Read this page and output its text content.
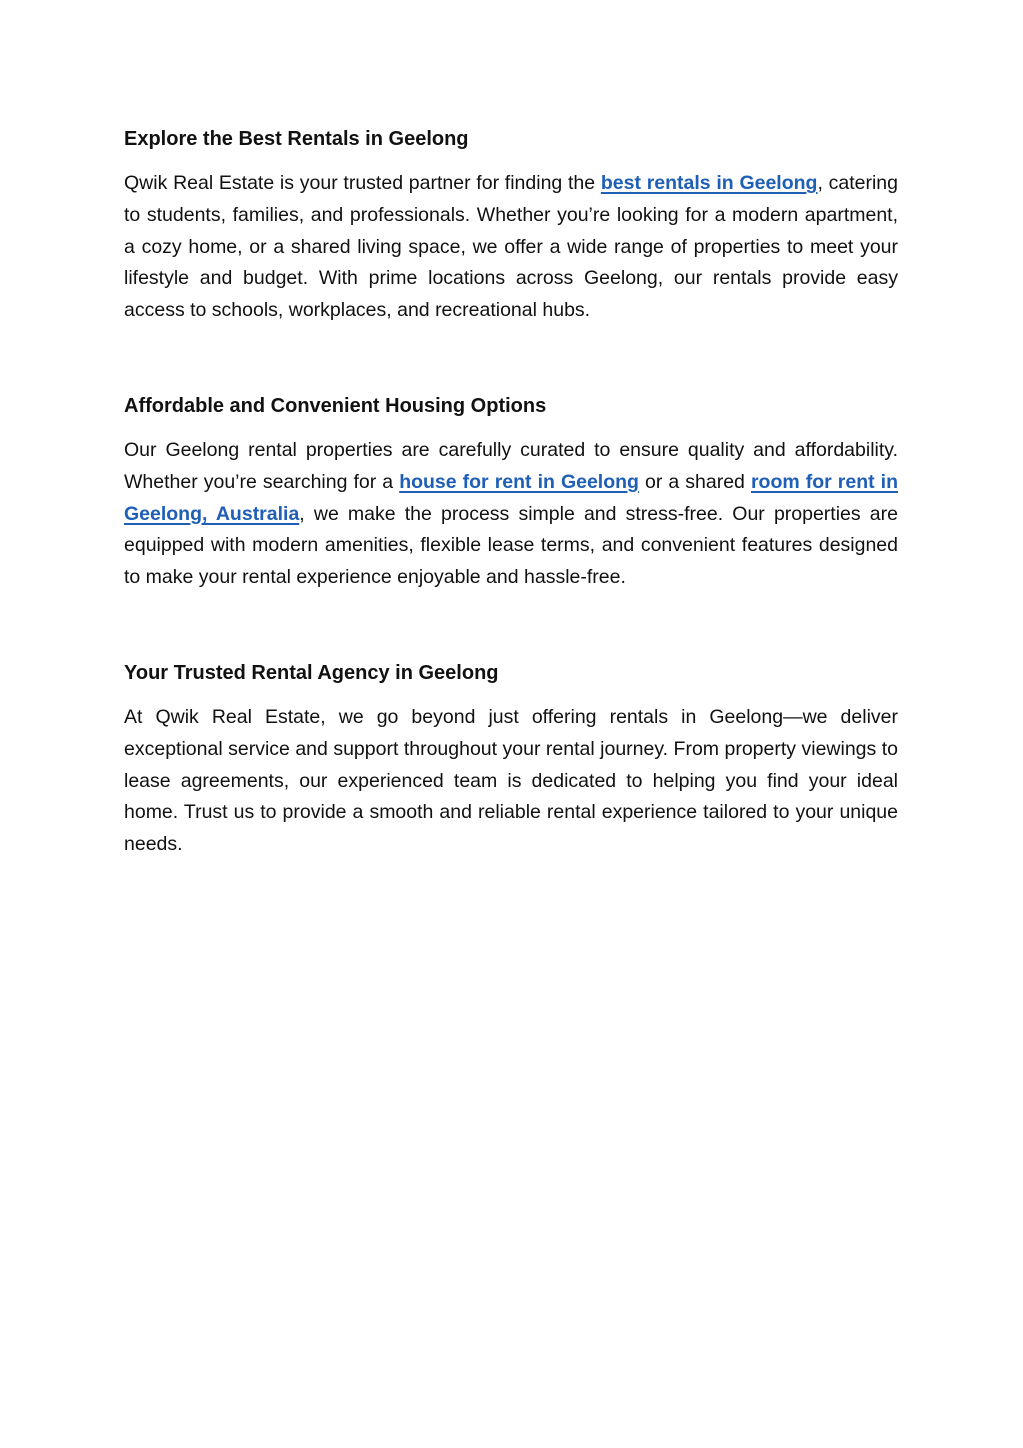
Explore the Best Rentals in Geelong

Qwik Real Estate is your trusted partner for finding the best rentals in Geelong, catering to students, families, and professionals. Whether you’re looking for a modern apartment, a cozy home, or a shared living space, we offer a wide range of properties to meet your lifestyle and budget. With prime locations across Geelong, our rentals provide easy access to schools, workplaces, and recreational hubs.

Affordable and Convenient Housing Options

Our Geelong rental properties are carefully curated to ensure quality and affordability. Whether you’re searching for a house for rent in Geelong or a shared room for rent in Geelong, Australia, we make the process simple and stress-free. Our properties are equipped with modern amenities, flexible lease terms, and convenient features designed to make your rental experience enjoyable and hassle-free.

Your Trusted Rental Agency in Geelong

At Qwik Real Estate, we go beyond just offering rentals in Geelong—we deliver exceptional service and support throughout your rental journey. From property viewings to lease agreements, our experienced team is dedicated to helping you find your ideal home. Trust us to provide a smooth and reliable rental experience tailored to your unique needs.
